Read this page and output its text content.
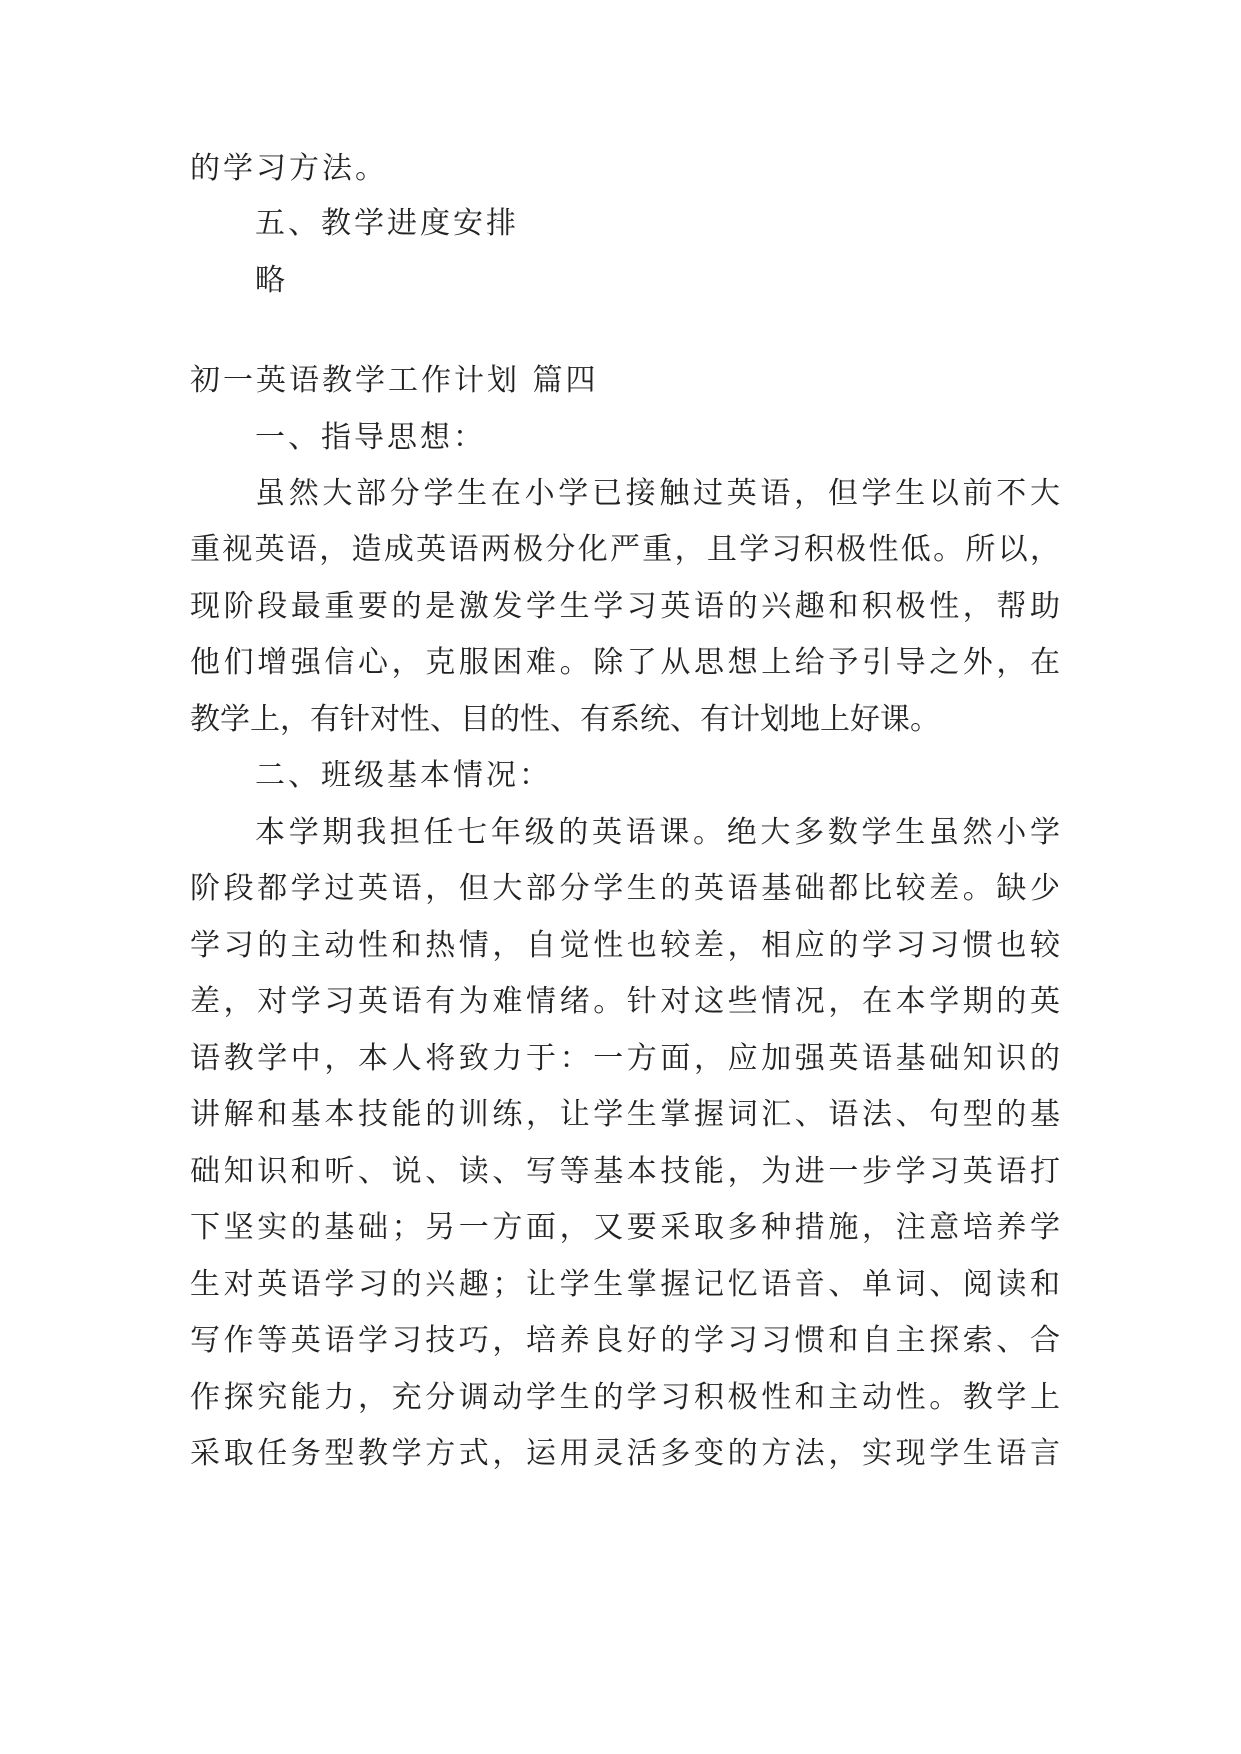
的学习方法。
五、教学进度安排
略
初一英语教学工作计划 篇四
一、指导思想：
虽然大部分学生在小学已接触过英语，但学生以前不大
重视英语，造成英语两极分化严重，且学习积极性低。所以，
现阶段最重要的是激发学生学习英语的兴趣和积极性，帮助
他们增强信心，克服困难。除了从思想上给予引导之外，在
教学上，有针对性、目的性、有系统、有计划地上好课。
二、班级基本情况：
本学期我担任七年级的英语课。绝大多数学生虽然小学
阶段都学过英语，但大部分学生的英语基础都比较差。缺少
学习的主动性和热情，自觉性也较差，相应的学习习惯也较
差，对学习英语有为难情绪。针对这些情况，在本学期的英
语教学中，本人将致力于：一方面，应加强英语基础知识的
讲解和基本技能的训练，让学生掌握词汇、语法、句型的基
础知识和听、说、读、写等基本技能，为进一步学习英语打
下坚实的基础；另一方面，又要采取多种措施，注意培养学
生对英语学习的兴趣；让学生掌握记忆语音、单词、阅读和
写作等英语学习技巧，培养良好的学习习惯和自主探索、合
作探究能力，充分调动学生的学习积极性和主动性。教学上
采取任务型教学方式，运用灵活多变的方法，实现学生语言
